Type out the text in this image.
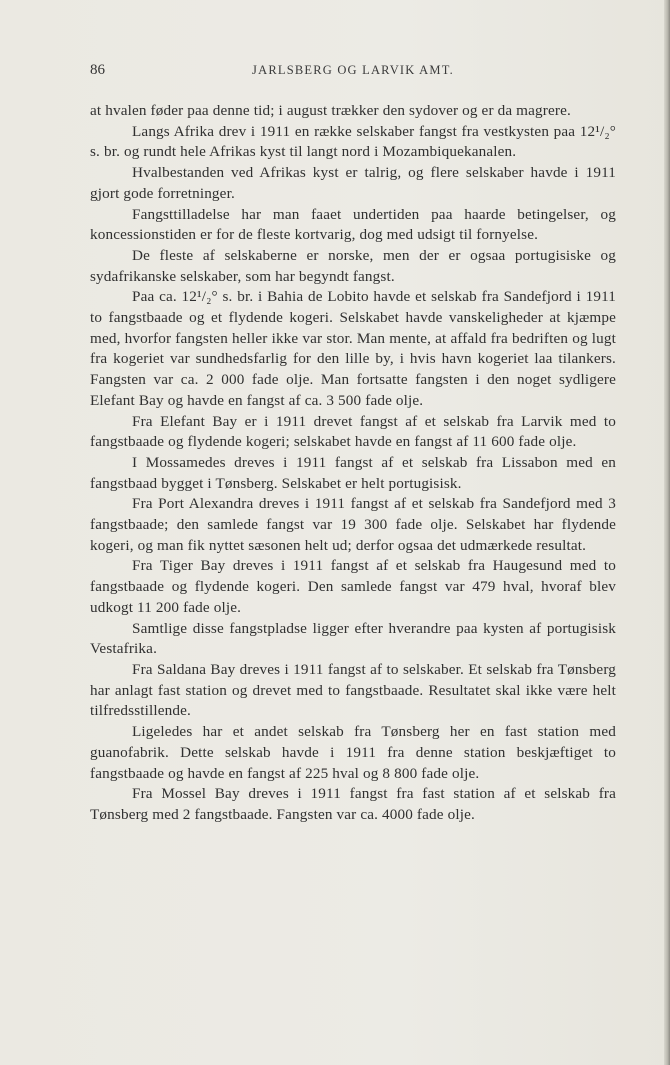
86	JARLSBERG OG LARVIK AMT.

at hvalen føder paa denne tid; i august trækker den sydover og er da magrere.

Langs Afrika drev i 1911 en række selskaber fangst fra vestkysten paa 12¹/₂° s. br. og rundt hele Afrikas kyst til langt nord i Mozambiquekanalen.

Hvalbestanden ved Afrikas kyst er talrig, og flere selskaber havde i 1911 gjort gode forretninger.

Fangsttilladelse har man faaet undertiden paa haarde betingelser, og koncessionstiden er for de fleste kortvarig, dog med udsigt til fornyelse.

De fleste af selskaberne er norske, men der er ogsaa portugisiske og sydafrikanske selskaber, som har begyndt fangst.

Paa ca. 12¹/₂° s. br. i Bahia de Lobito havde et selskab fra Sandefjord i 1911 to fangstbaade og et flydende kogeri. Selskabet havde vanskeligheder at kjæmpe med, hvorfor fangsten heller ikke var stor. Man mente, at affald fra bedriften og lugt fra kogeriet var sundhedsfarlig for den lille by, i hvis havn kogeriet laa tilankers. Fangsten var ca. 2 000 fade olje. Man fortsatte fangsten i den noget sydligere Elefant Bay og havde en fangst af ca. 3 500 fade olje.

Fra Elefant Bay er i 1911 drevet fangst af et selskab fra Larvik med to fangstbaade og flydende kogeri; selskabet havde en fangst af 11 600 fade olje.

I Mossamedes dreves i 1911 fangst af et selskab fra Lissabon med en fangstbaad bygget i Tønsberg. Selskabet er helt portugisisk.

Fra Port Alexandra dreves i 1911 fangst af et selskab fra Sandefjord med 3 fangstbaade; den samlede fangst var 19 300 fade olje. Selskabet har flydende kogeri, og man fik nyttet sæsonen helt ud; derfor ogsaa det udmærkede resultat.

Fra Tiger Bay dreves i 1911 fangst af et selskab fra Haugesund med to fangstbaade og flydende kogeri. Den samlede fangst var 479 hval, hvoraf blev udkogt 11 200 fade olje.

Samtlige disse fangstpladse ligger efter hverandre paa kysten af portugisisk Vestafrika.

Fra Saldana Bay dreves i 1911 fangst af to selskaber. Et selskab fra Tønsberg har anlagt fast station og drevet med to fangstbaade. Resultatet skal ikke være helt tilfredsstillende.

Ligeledes har et andet selskab fra Tønsberg her en fast station med guanofabrik. Dette selskab havde i 1911 fra denne station beskjæftiget to fangstbaade og havde en fangst af 225 hval og 8 800 fade olje.

Fra Mossel Bay dreves i 1911 fangst fra fast station af et selskab fra Tønsberg med 2 fangstbaade. Fangsten var ca. 4000 fade olje.
